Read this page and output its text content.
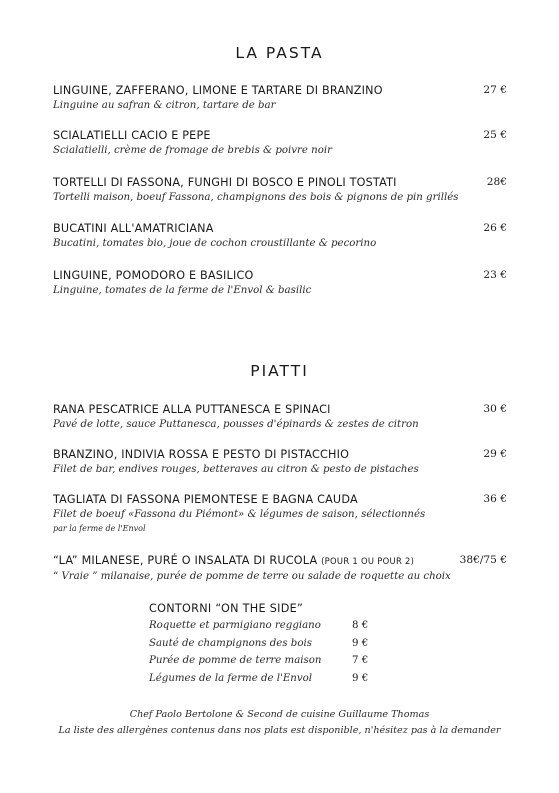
LA PASTA
LINGUINE, ZAFFERANO, LIMONE E TARTARE DI BRANZINO
Linguine au safran & citron, tartare de bar
27 €
SCIALATIELLI CACIO E PEPE
Scialatielli, crème de fromage de brebis & poivre noir
25 €
TORTELLI DI FASSONA, FUNGHI DI BOSCO E PINOLI TOSTATI
Tortelli maison, boeuf Fassona, champignons des bois & pignons de pin grillés
28€
BUCATINI ALL'AMATRICIANA
Bucatini, tomates bio, joue de cochon croustillante & pecorino
26 €
LINGUINE, POMODORO E BASILICO
Linguine, tomates de la ferme de l'Envol & basilic
23 €
PIATTI
RANA PESCATRICE ALLA PUTTANESCA E SPINACI
Pavé de lotte, sauce Puttanesca, pousses d'épinards & zestes de citron
30 €
BRANZINO, INDIVIA ROSSA E PESTO DI PISTACCHIO
Filet de bar, endives rouges, betteraves au citron & pesto de pistaches
29 €
TAGLIATA DI FASSONA PIEMONTESE E BAGNA CAUDA
Filet de boeuf «Fassona du Piémont» & légumes de saison, sélectionnés
par la ferme de l'Envol
36 €
“LA” MILANESE, PURÉ O INSALATA DI RUCOLA (POUR 1 OU POUR 2)
“ Vraie ” milanaise, purée de pomme de terre ou salade de roquette au choix
38€/75 €
CONTORNI “ON THE SIDE”
Roquette et parmigiano reggiano	8 €
Sauté de champignons des bois	9 €
Purée de pomme de terre maison	7 €
Légumes de la ferme de l'Envol	9 €
Chef Paolo Bertolone & Second de cuisine Guillaume Thomas
La liste des allergènes contenus dans nos plats est disponible, n'hésitez pas à la demander
